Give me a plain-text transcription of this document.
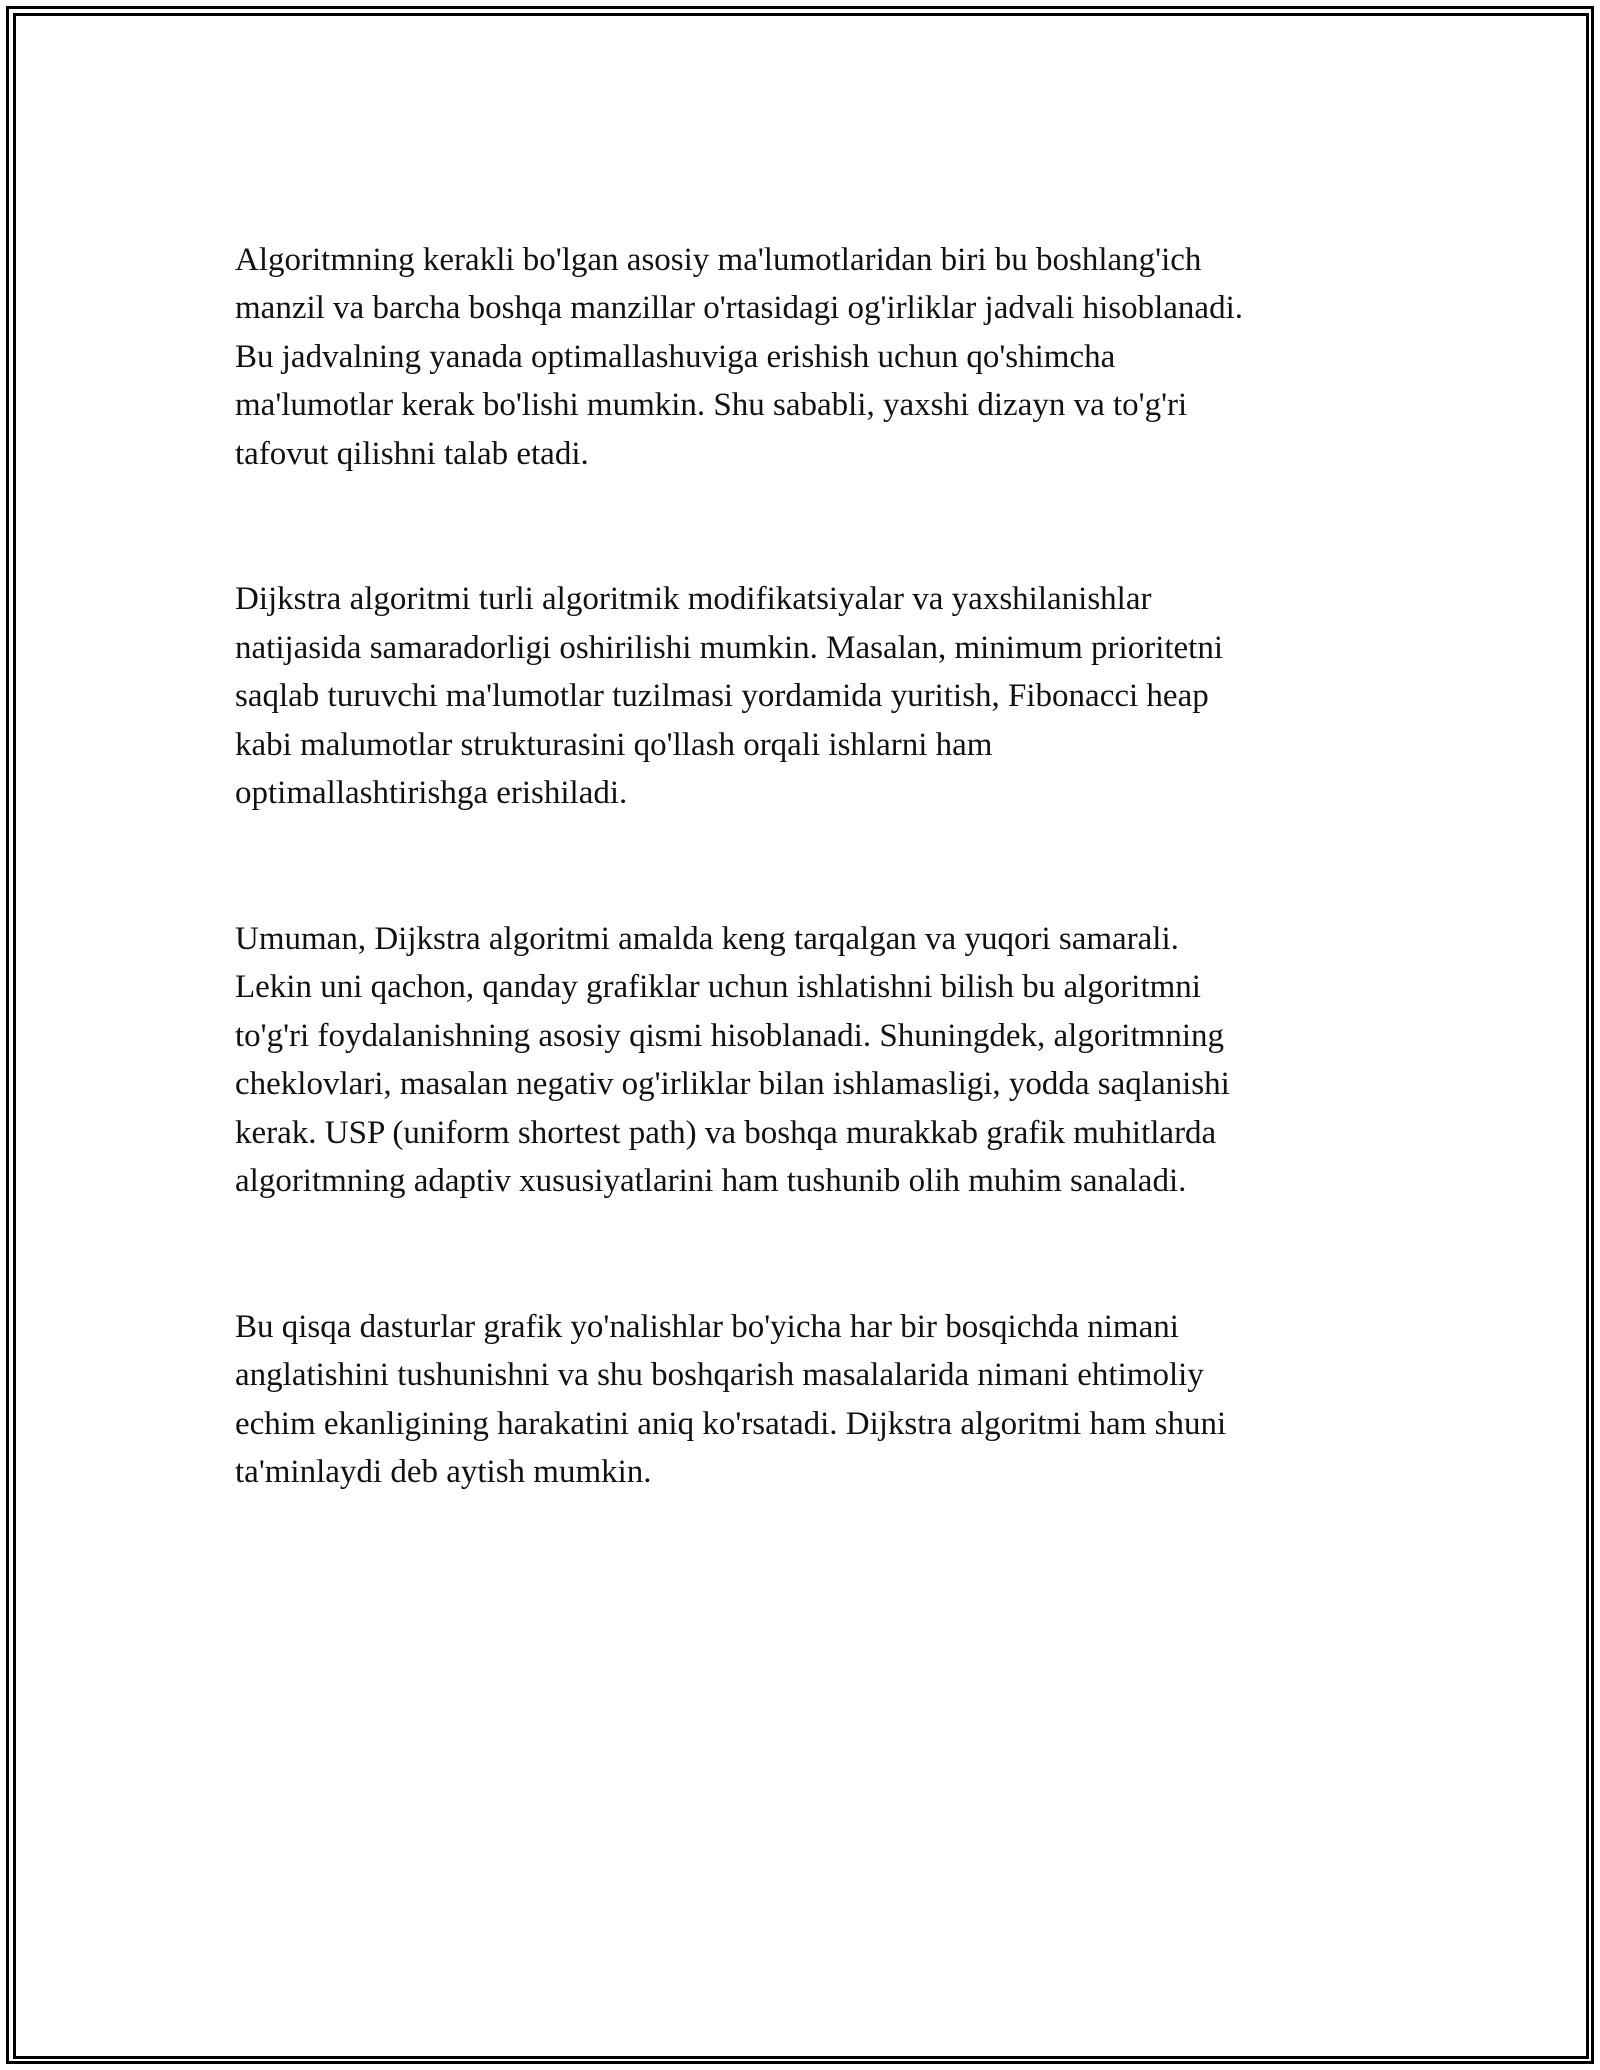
Algoritmning kerakli bo'lgan asosiy ma'lumotlaridan biri bu boshlang'ich
manzil va barcha boshqa manzillar o'rtasidagi og'irliklar jadvali hisoblanadi.
Bu jadvalning yanada optimallashuviga erishish uchun qo'shimcha
ma'lumotlar kerak bo'lishi mumkin. Shu sababli, yaxshi dizayn va to'g'ri
tafovut qilishni talab etadi.

Dijkstra algoritmi turli algoritmik modifikatsiyalar va yaxshilanishlar
natijasida samaradorligi oshirilishi mumkin. Masalan, minimum prioritetni
saqlab turuvchi ma'lumotlar tuzilmasi yordamida yuritish, Fibonacci heap
kabi malumotlar strukturasini qo'llash orqali ishlarni ham
optimallashtirishga erishiladi.

Umuman, Dijkstra algoritmi amalda keng tarqalgan va yuqori samarali.
Lekin uni qachon, qanday grafiklar uchun ishlatishni bilish bu algoritmni
to'g'ri foydalanishning asosiy qismi hisoblanadi. Shuningdek, algoritmning
cheklovlari, masalan negativ og'irliklar bilan ishlamasligi, yodda saqlanishi
kerak. USP (uniform shortest path) va boshqa murakkab grafik muhitlarda
algoritmning adaptiv xususiyatlarini ham tushunib olih muhim sanaladi.

Bu qisqa dasturlar grafik yo'nalishlar bo'yicha har bir bosqichda nimani
anglatishini tushunishni va shu boshqarish masalalarida nimani ehtimoliy
echim ekanligining harakatini aniq ko'rsatadi. Dijkstra algoritmi ham shuni
ta'minlaydi deb aytish mumkin.
